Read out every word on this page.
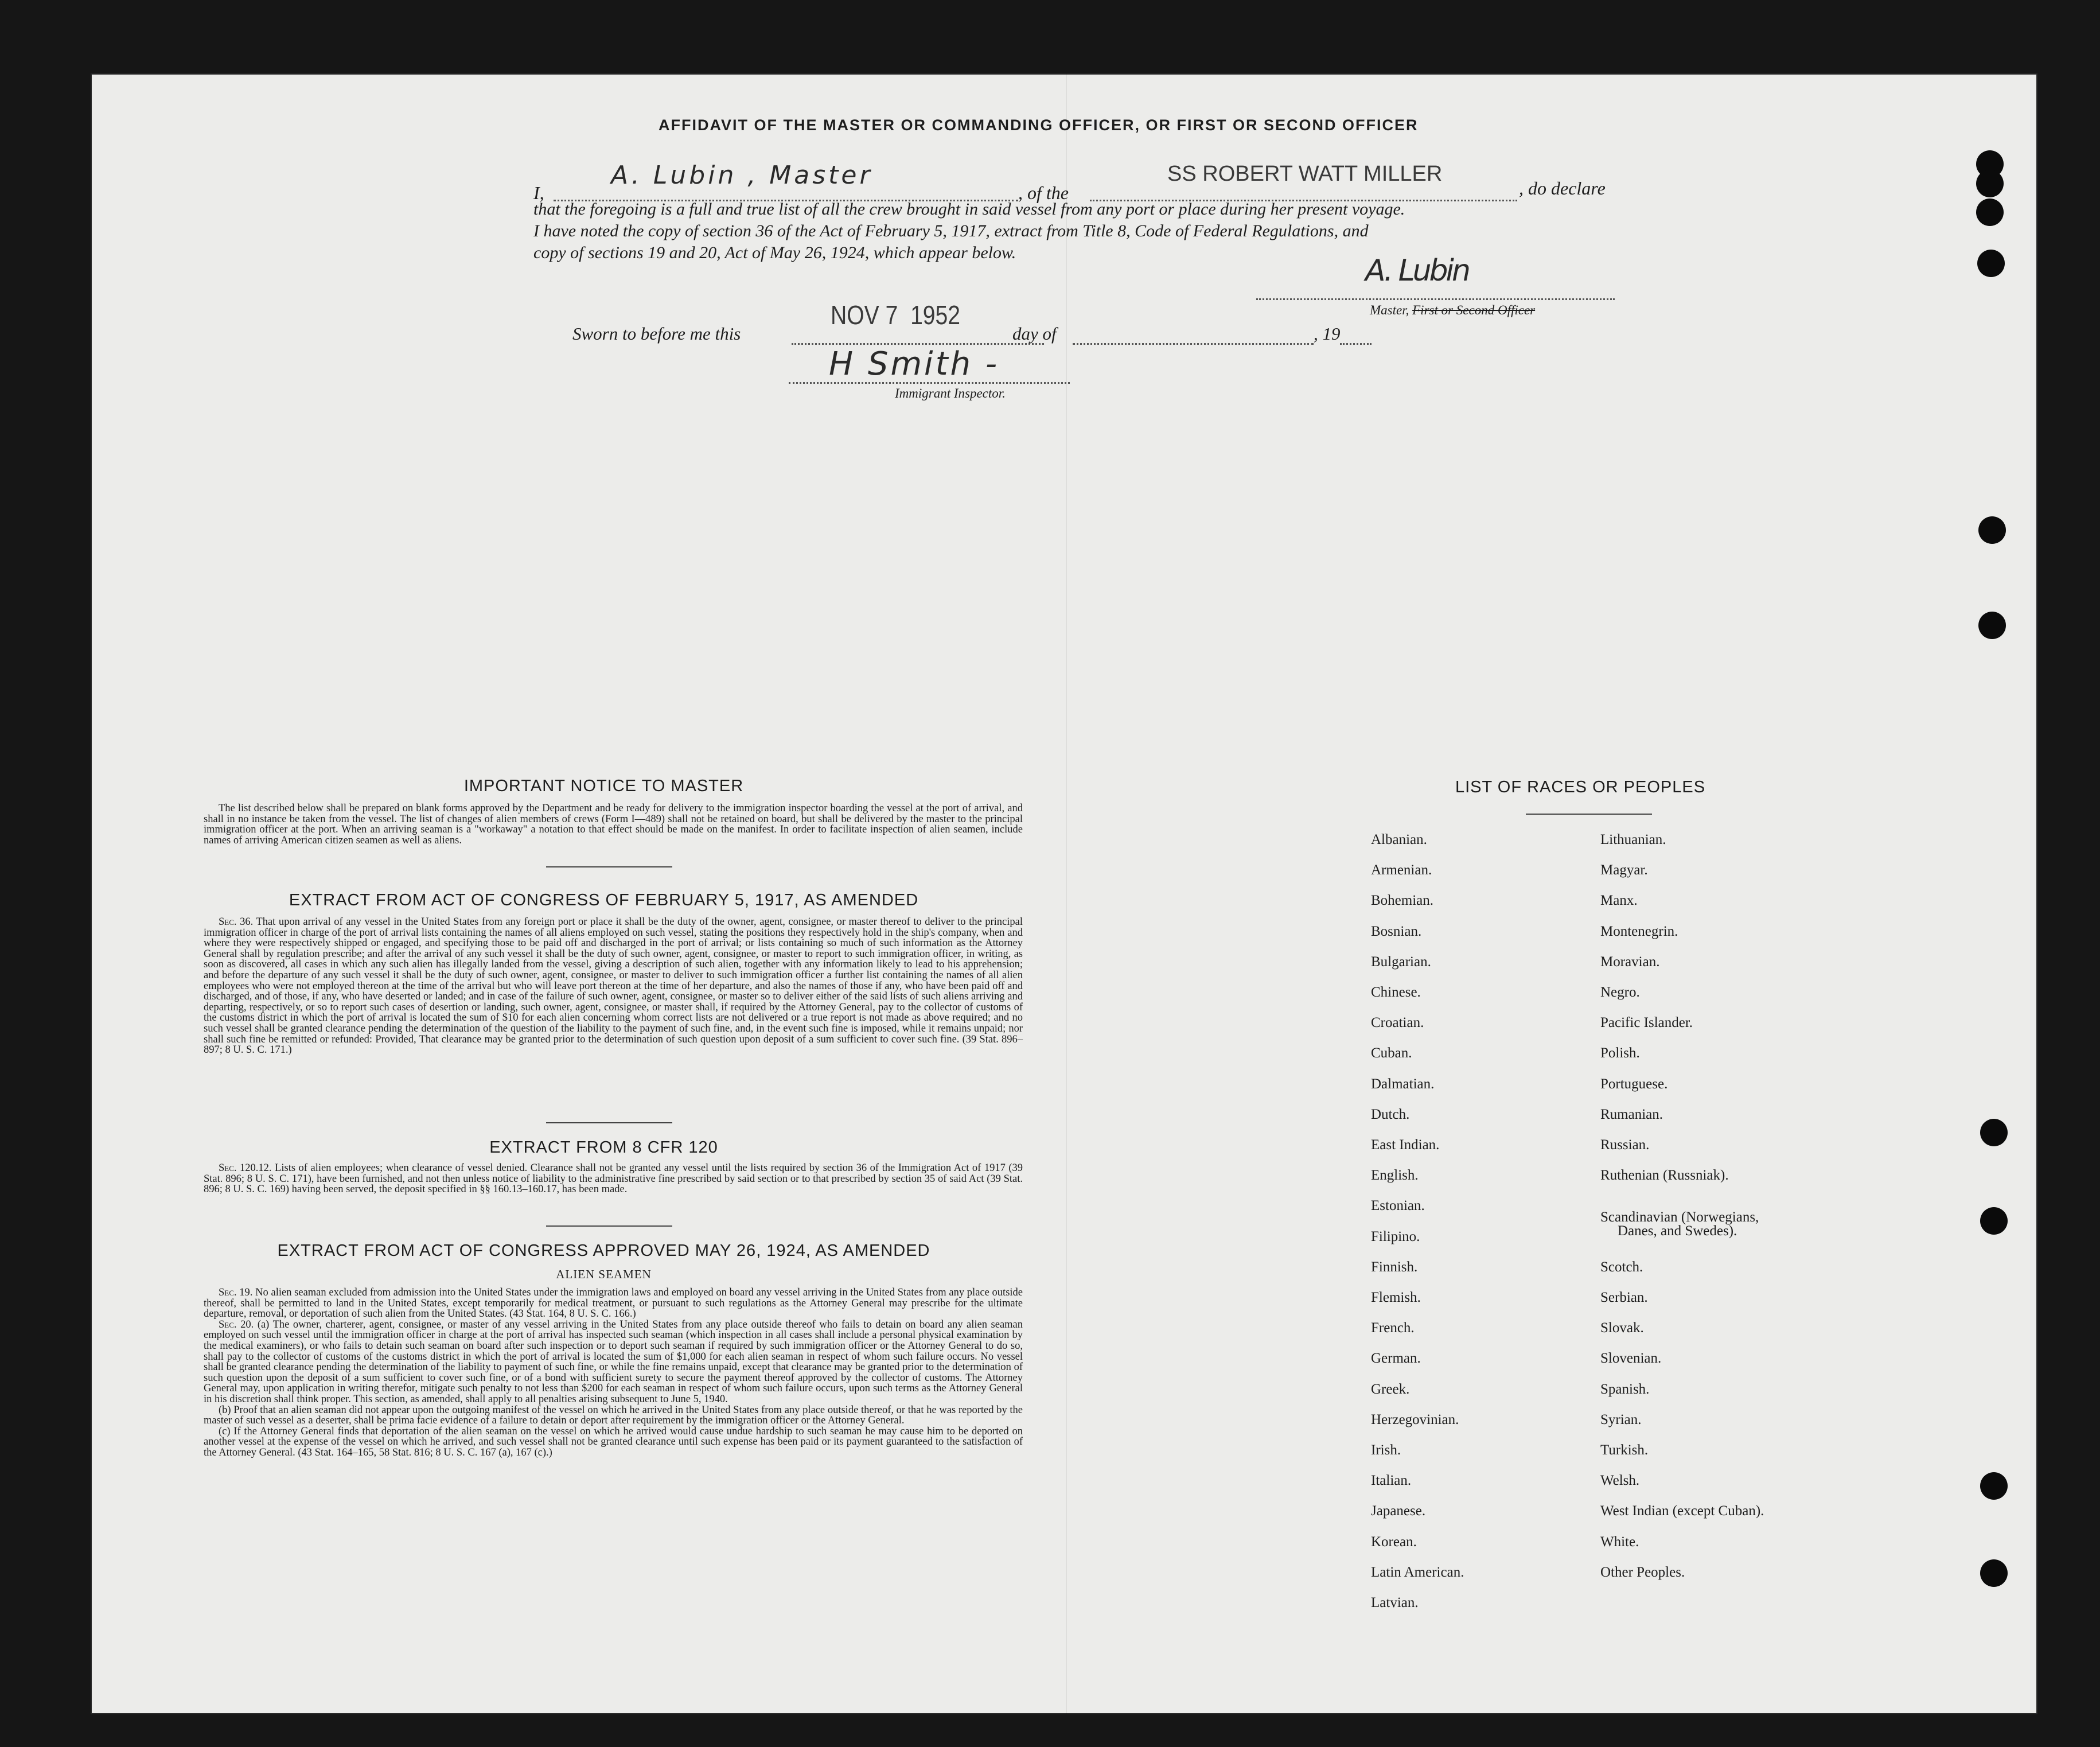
AFFIDAVIT OF THE MASTER OR COMMANDING OFFICER, OR FIRST OR SECOND OFFICER
I,
A. Lubin , Master
, of the
SS ROBERT WATT MILLER
, do declare
that the foregoing is a full and true list of all the crew brought in said vessel from any port or place during her present voyage.
I have noted the copy of section 36 of the Act of February 5, 1917, extract from Title 8, Code of Federal Regulations, and
copy of sections 19 and 20, Act of May 26, 1924, which appear below.
A. Lubin
Master, First or Second Officer
Sworn to before me this
NOV 7  1952
day of	, 19
H Smith -
Immigrant Inspector.
IMPORTANT NOTICE TO MASTER
The list described below shall be prepared on blank forms approved by the Department and be ready for delivery to the immigration inspector boarding the vessel at the port of arrival, and shall in no instance be taken from the vessel. The list of changes of alien members of crews (Form I—489) shall not be retained on board, but shall be delivered by the master to the principal immigration officer at the port. When an arriving seaman is a "workaway" a notation to that effect should be made on the manifest. In order to facilitate inspection of alien seamen, include names of arriving American citizen seamen as well as aliens.
EXTRACT FROM ACT OF CONGRESS OF FEBRUARY 5, 1917, AS AMENDED

Sec. 36. That upon arrival of any vessel in the United States from any foreign port or place it shall be the duty of the owner, agent, consignee, or master thereof to deliver to the principal immigration officer in charge of the port of arrival lists containing the names of all aliens employed on such vessel, stating the positions they respectively hold in the ship's company, when and where they were respectively shipped or engaged, and specifying those to be paid off and discharged in the port of arrival; or lists containing so much of such information as the Attorney General shall by regulation prescribe; and after the arrival of any such vessel it shall be the duty of such owner, agent, consignee, or master to report to such immigration officer, in writing, as soon as discovered, all cases in which any such alien has illegally landed from the vessel, giving a description of such alien, together with any information likely to lead to his apprehension; and before the departure of any such vessel it shall be the duty of such owner, agent, consignee, or master to deliver to such immigration officer a further list containing the names of all alien employees who were not employed thereon at the time of the arrival but who will leave port thereon at the time of her departure, and also the names of those if any, who have been paid off and discharged, and of those, if any, who have deserted or landed; and in case of the failure of such owner, agent, consignee, or master so to deliver either of the said lists of such aliens arriving and departing, respectively, or so to report such cases of desertion or landing, such owner, agent, consignee, or master shall, if required by the Attorney General, pay to the collector of customs of the customs district in which the port of arrival is located the sum of $10 for each alien concerning whom correct lists are not delivered or a true report is not made as above required; and no such vessel shall be granted clearance pending the determination of the question of the liability to the payment of such fine, and, in the event such fine is imposed, while it remains unpaid; nor shall such fine be remitted or refunded: Provided, That clearance may be granted prior to the determination of such question upon deposit of a sum sufficient to cover such fine. (39 Stat. 896–897; 8 U. S. C. 171.)

EXTRACT FROM 8 CFR 120

Sec. 120.12. Lists of alien employees; when clearance of vessel denied. Clearance shall not be granted any vessel until the lists required by section 36 of the Immigration Act of 1917 (39 Stat. 896; 8 U. S. C. 171), have been furnished, and not then unless notice of liability to the administrative fine prescribed by said section or to that prescribed by section 35 of said Act (39 Stat. 896; 8 U. S. C. 169) having been served, the deposit specified in §§ 160.13–160.17, has been made.

EXTRACT FROM ACT OF CONGRESS APPROVED MAY 26, 1924, AS AMENDED
ALIEN SEAMEN

Sec. 19. No alien seaman excluded from admission into the United States under the immigration laws and employed on board any vessel arriving in the United States from any place outside thereof, shall be permitted to land in the United States, except temporarily for medical treatment, or pursuant to such regulations as the Attorney General may prescribe for the ultimate departure, removal, or deportation of such alien from the United States. (43 Stat. 164, 8 U. S. C. 166.)

Sec. 20. (a) The owner, charterer, agent, consignee, or master of any vessel arriving in the United States from any place outside thereof who fails to detain on board any alien seaman employed on such vessel until the immigration officer in charge at the port of arrival has inspected such seaman (which inspection in all cases shall include a personal physical examination by the medical examiners), or who fails to detain such seaman on board after such inspection or to deport such seaman if required by such immigration officer or the Attorney General to do so, shall pay to the collector of customs of the customs district in which the port of arrival is located the sum of $1,000 for each alien seaman in respect of whom such failure occurs. No vessel shall be granted clearance pending the determination of the liability to payment of such fine, or while the fine remains unpaid, except that clearance may be granted prior to the determination of such question upon the deposit of a sum sufficient to cover such fine, or of a bond with sufficient surety to secure the payment thereof approved by the collector of customs. The Attorney General may, upon application in writing therefor, mitigate such penalty to not less than $200 for each seaman in respect of whom such failure occurs, upon such terms as the Attorney General in his discretion shall think proper. This section, as amended, shall apply to all penalties arising subsequent to June 5, 1940.

(b) Proof that an alien seaman did not appear upon the outgoing manifest of the vessel on which he arrived in the United States from any place outside thereof, or that he was reported by the master of such vessel as a deserter, shall be prima facie evidence of a failure to detain or deport after requirement by the immigration officer or the Attorney General.

(c) If the Attorney General finds that deportation of the alien seaman on the vessel on which he arrived would cause undue hardship to such seaman he may cause him to be deported on another vessel at the expense of the vessel on which he arrived, and such vessel shall not be granted clearance until such expense has been paid or its payment guaranteed to the satisfaction of the Attorney General. (43 Stat. 164–165, 58 Stat. 816; 8 U. S. C. 167 (a), 167 (c).)

LIST OF RACES OR PEOPLES
Albanian.
Armenian.
Bohemian.
Bosnian.
Bulgarian.
Chinese.
Croatian.
Cuban.
Dalmatian.
Dutch.
East Indian.
English.
Estonian.
Filipino.
Finnish.
Flemish.
French.
German.
Greek.
Herzegovinian.
Irish.
Italian.
Japanese.
Korean.
Latin American.
Latvian.
Lithuanian.
Magyar.
Manx.
Montenegrin.
Moravian.
Negro.
Pacific Islander.
Polish.
Portuguese.
Rumanian.
Russian.
Ruthenian (Russniak).
Scandinavian (Norwegians,
Danes, and Swedes).
Scotch.
Serbian.
Slovak.
Slovenian.
Spanish.
Syrian.
Turkish.
Welsh.
West Indian (except Cuban).
White.
Other Peoples.
